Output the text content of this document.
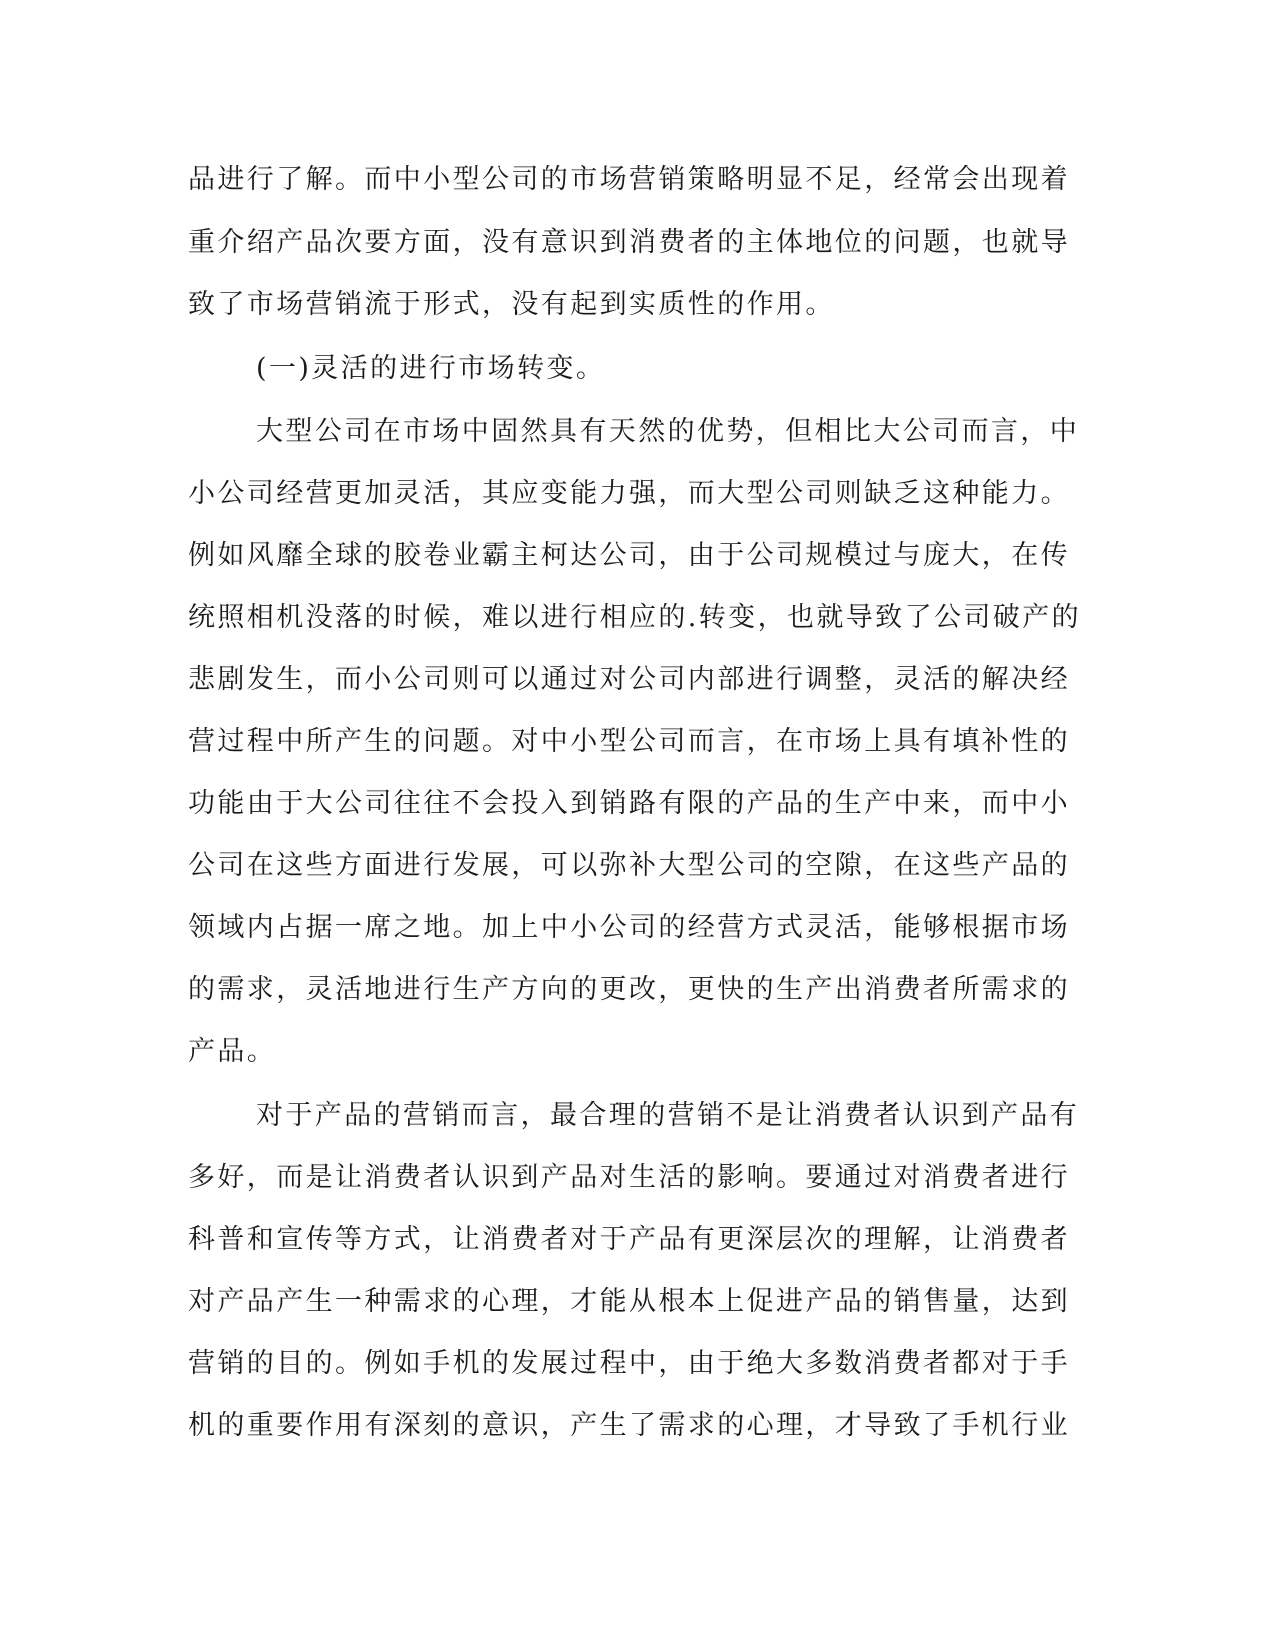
品进行了解。而中小型公司的市场营销策略明显不足，经常会出现着

重介绍产品次要方面，没有意识到消费者的主体地位的问题，也就导

致了市场营销流于形式，没有起到实质性的作用。

(一)灵活的进行市场转变。

大型公司在市场中固然具有天然的优势，但相比大公司而言，中

小公司经营更加灵活，其应变能力强，而大型公司则缺乏这种能力。

例如风靡全球的胶卷业霸主柯达公司，由于公司规模过与庞大，在传

统照相机没落的时候，难以进行相应的.转变，也就导致了公司破产的

悲剧发生，而小公司则可以通过对公司内部进行调整，灵活的解决经

营过程中所产生的问题。对中小型公司而言，在市场上具有填补性的

功能由于大公司往往不会投入到销路有限的产品的生产中来，而中小

公司在这些方面进行发展，可以弥补大型公司的空隙，在这些产品的

领域内占据一席之地。加上中小公司的经营方式灵活，能够根据市场

的需求，灵活地进行生产方向的更改，更快的生产出消费者所需求的

产品。

对于产品的营销而言，最合理的营销不是让消费者认识到产品有

多好，而是让消费者认识到产品对生活的影响。要通过对消费者进行

科普和宣传等方式，让消费者对于产品有更深层次的理解，让消费者

对产品产生一种需求的心理，才能从根本上促进产品的销售量，达到

营销的目的。例如手机的发展过程中，由于绝大多数消费者都对于手

机的重要作用有深刻的意识，产生了需求的心理，才导致了手机行业
